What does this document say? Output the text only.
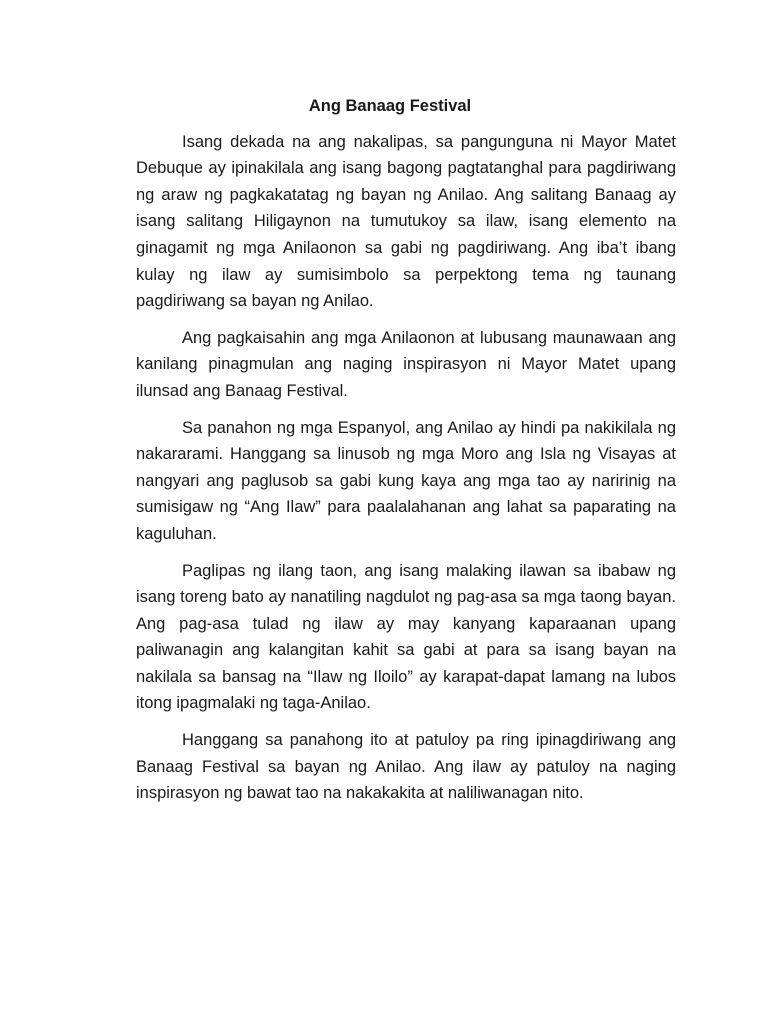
Ang Banaag Festival

Isang dekada na ang nakalipas, sa pangunguna ni Mayor Matet Debuque ay ipinakilala ang isang bagong pagtatanghal para pagdiriwang ng araw ng pagkakatatag ng bayan ng Anilao. Ang salitang Banaag ay isang salitang Hiligaynon na tumutukoy sa ilaw, isang elemento na ginagamit ng mga Anilaonon sa gabi ng pagdiriwang. Ang iba’t ibang kulay ng ilaw ay sumisimbolo sa perpektong tema ng taunang pagdiriwang sa bayan ng Anilao.

Ang pagkaisahin ang mga Anilaonon at lubusang maunawaan ang kanilang pinagmulan ang naging inspirasyon ni Mayor Matet upang ilunsad ang Banaag Festival.

Sa panahon ng mga Espanyol, ang Anilao ay hindi pa nakikilala ng nakararami. Hanggang sa linusob ng mga Moro ang Isla ng Visayas at nangyari ang paglusob sa gabi kung kaya ang mga tao ay naririnig na sumisigaw ng “Ang Ilaw” para paalalahanan ang lahat sa paparating na kaguluhan.

Paglipas ng ilang taon, ang isang malaking ilawan sa ibabaw ng isang toreng bato ay nanatiling nagdulot ng pag-asa sa mga taong bayan. Ang pag-asa tulad ng ilaw ay may kanyang kaparaanan upang paliwanagin ang kalangitan kahit sa gabi at para sa isang bayan na nakilala sa bansag na “Ilaw ng Iloilo” ay karapat-dapat lamang na lubos itong ipagmalaki ng taga-Anilao.

Hanggang sa panahong ito at patuloy pa ring ipinagdiriwang ang Banaag Festival sa bayan ng Anilao. Ang ilaw ay patuloy na naging inspirasyon ng bawat tao na nakakakita at naliliwanagan nito.
